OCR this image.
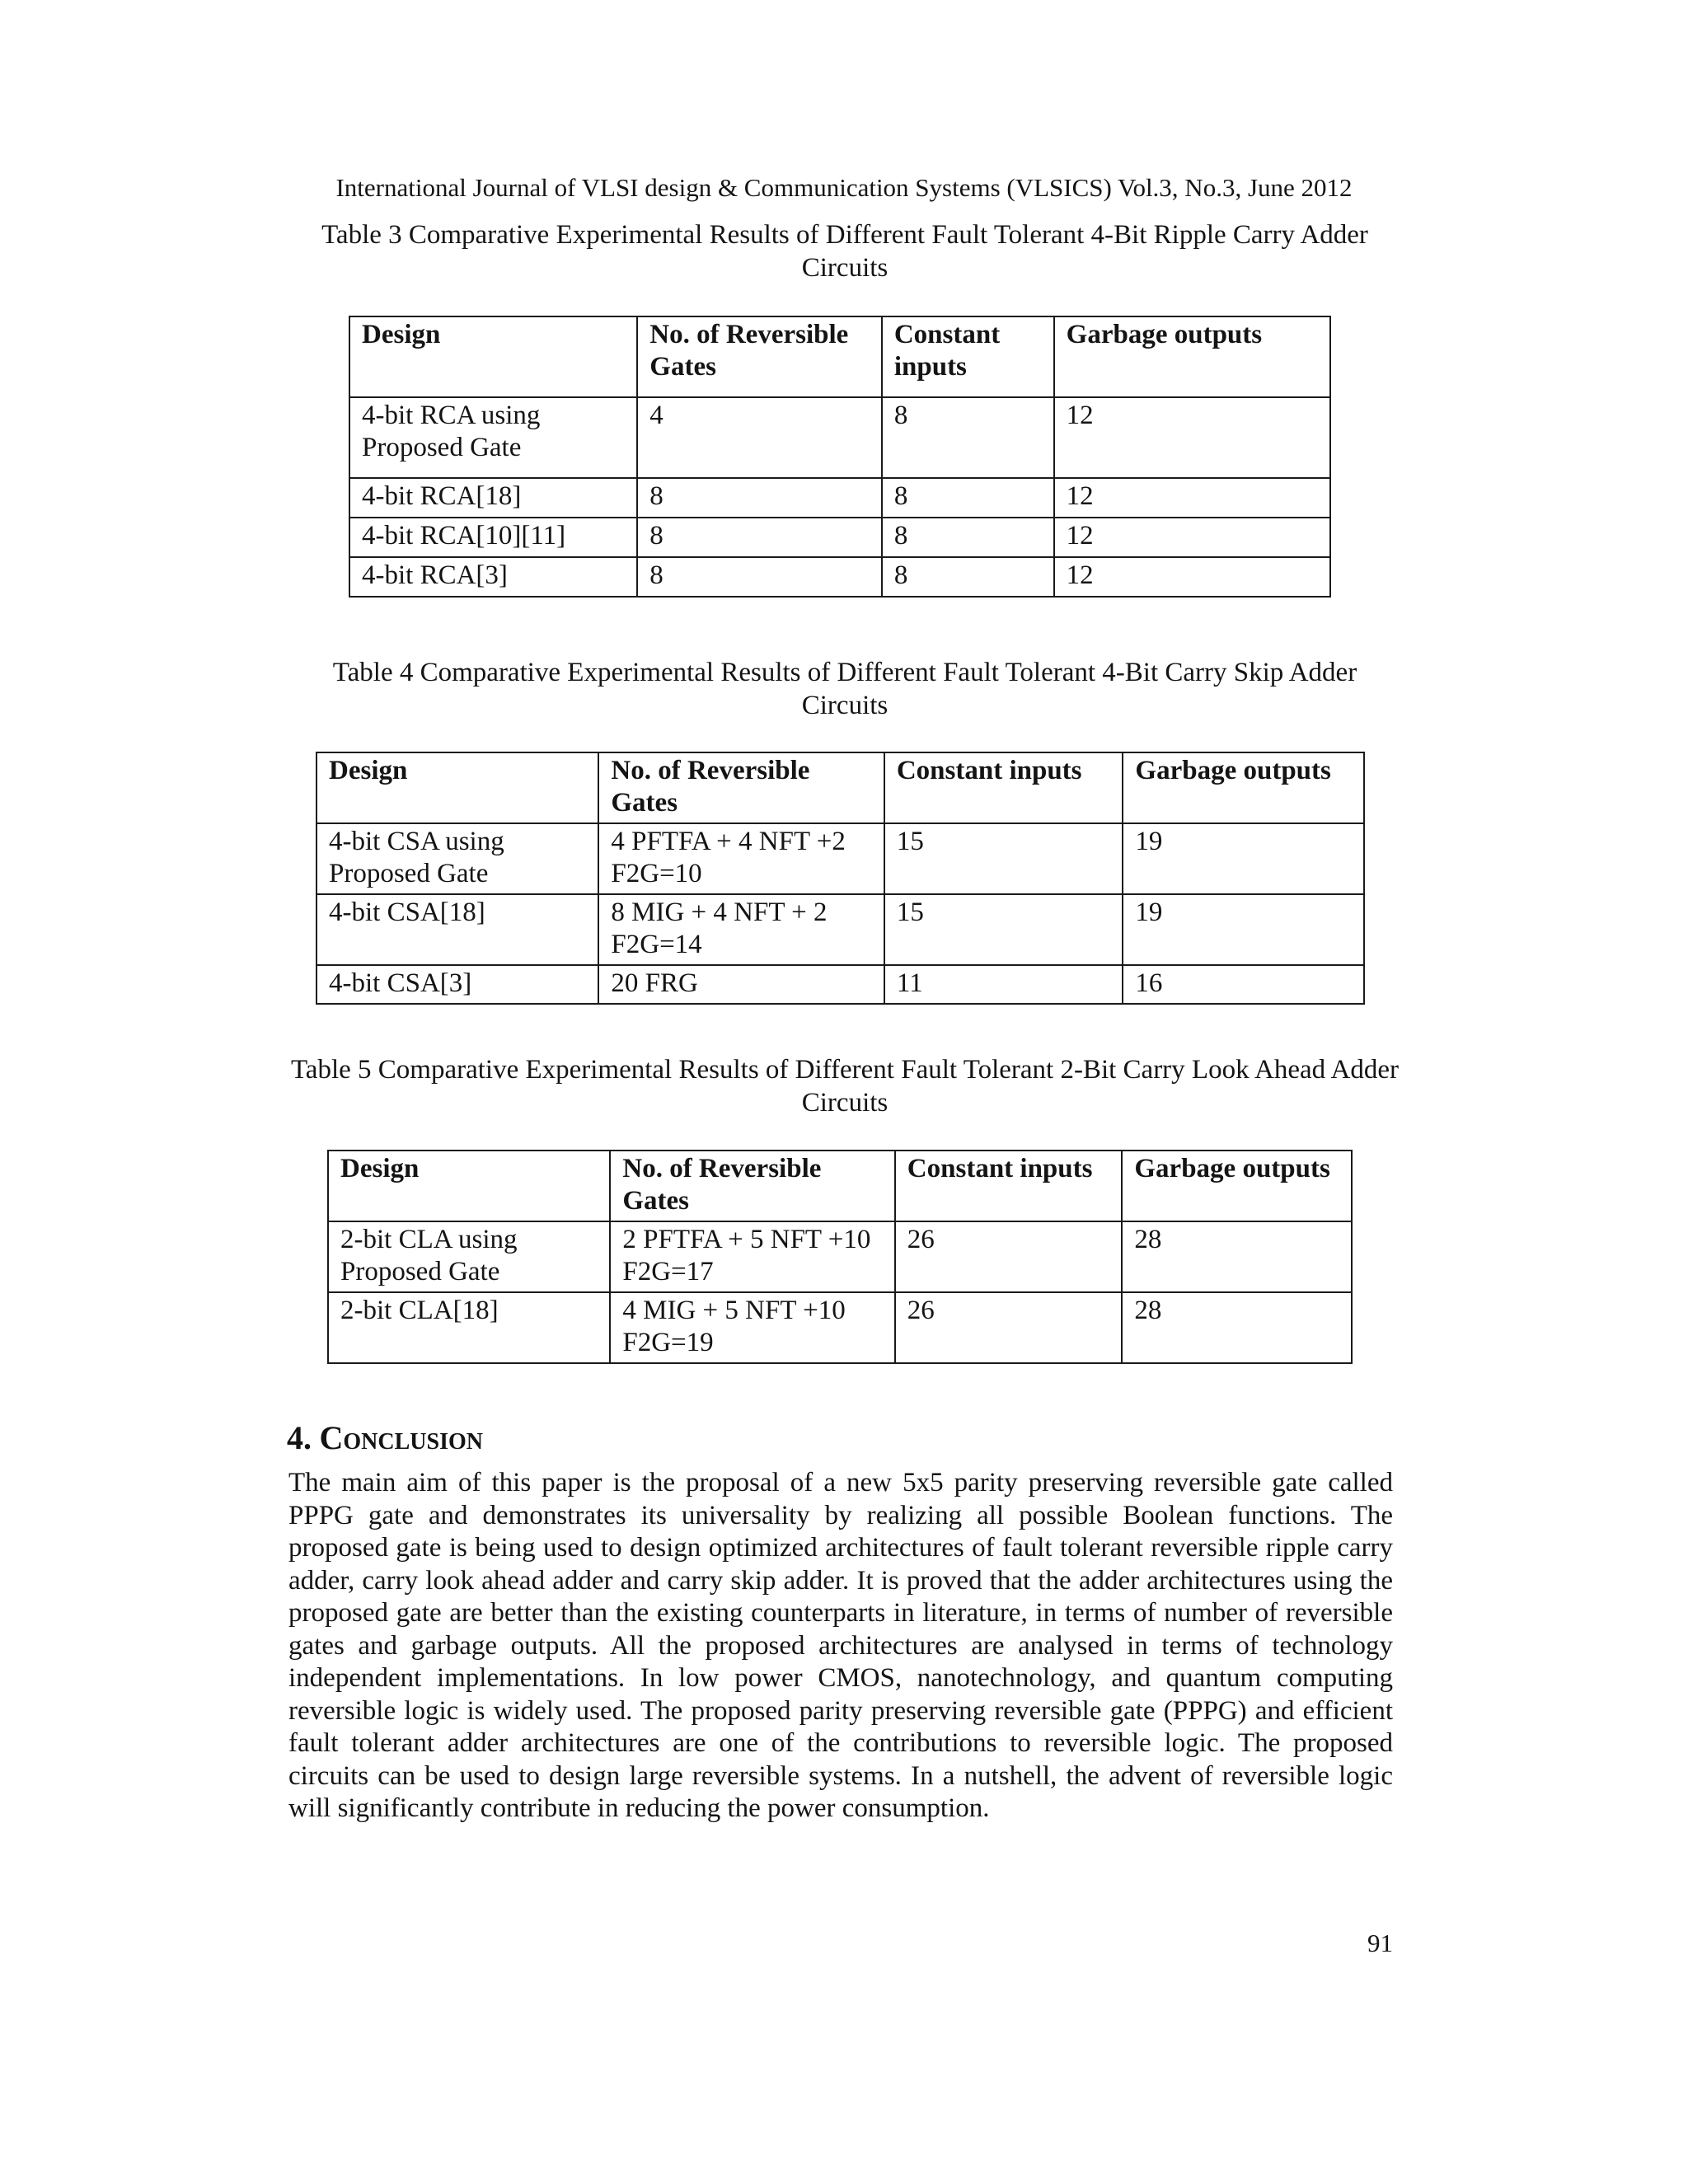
International Journal of VLSI design & Communication Systems (VLSICS) Vol.3, No.3, June 2012
Table 3 Comparative Experimental Results of Different Fault Tolerant 4-Bit Ripple Carry Adder Circuits
Design	No. of Reversible Gates	Constant inputs	Garbage outputs
4-bit RCA using Proposed Gate	4	8	12
4-bit RCA[18]	8	8	12
4-bit RCA[10][11]	8	8	12
4-bit RCA[3]	8	8	12
Table 4 Comparative Experimental Results of Different Fault Tolerant 4-Bit Carry Skip Adder Circuits
Design	No. of Reversible Gates	Constant inputs	Garbage outputs
4-bit CSA using Proposed Gate	4 PFTFA + 4 NFT +2 F2G=10	15	19
4-bit CSA[18]	8 MIG + 4 NFT + 2 F2G=14	15	19
4-bit CSA[3]	20 FRG	11	16
Table 5 Comparative Experimental Results of Different Fault Tolerant 2-Bit Carry Look Ahead Adder Circuits
Design	No. of Reversible Gates	Constant inputs	Garbage outputs
2-bit CLA using Proposed Gate	2 PFTFA + 5 NFT +10 F2G=17	26	28
2-bit CLA[18]	4 MIG + 5 NFT +10 F2G=19	26	28
4. Conclusion

The main aim of this paper is the proposal of a new 5x5 parity preserving reversible gate called PPPG gate and demonstrates its universality by realizing all possible Boolean functions. The proposed gate is being used to design optimized architectures of fault tolerant reversible ripple carry adder, carry look ahead adder and carry skip adder. It is proved that the adder architectures using the proposed gate are better than the existing counterparts in literature, in terms of number of reversible gates and garbage outputs. All the proposed architectures are analysed in terms of technology independent implementations. In low power CMOS, nanotechnology, and quantum computing reversible logic is widely used. The proposed parity preserving reversible gate (PPPG) and efficient fault tolerant adder architectures are one of the contributions to reversible logic. The proposed circuits can be used to design large reversible systems. In a nutshell, the advent of reversible logic will significantly contribute in reducing the power consumption.

91
